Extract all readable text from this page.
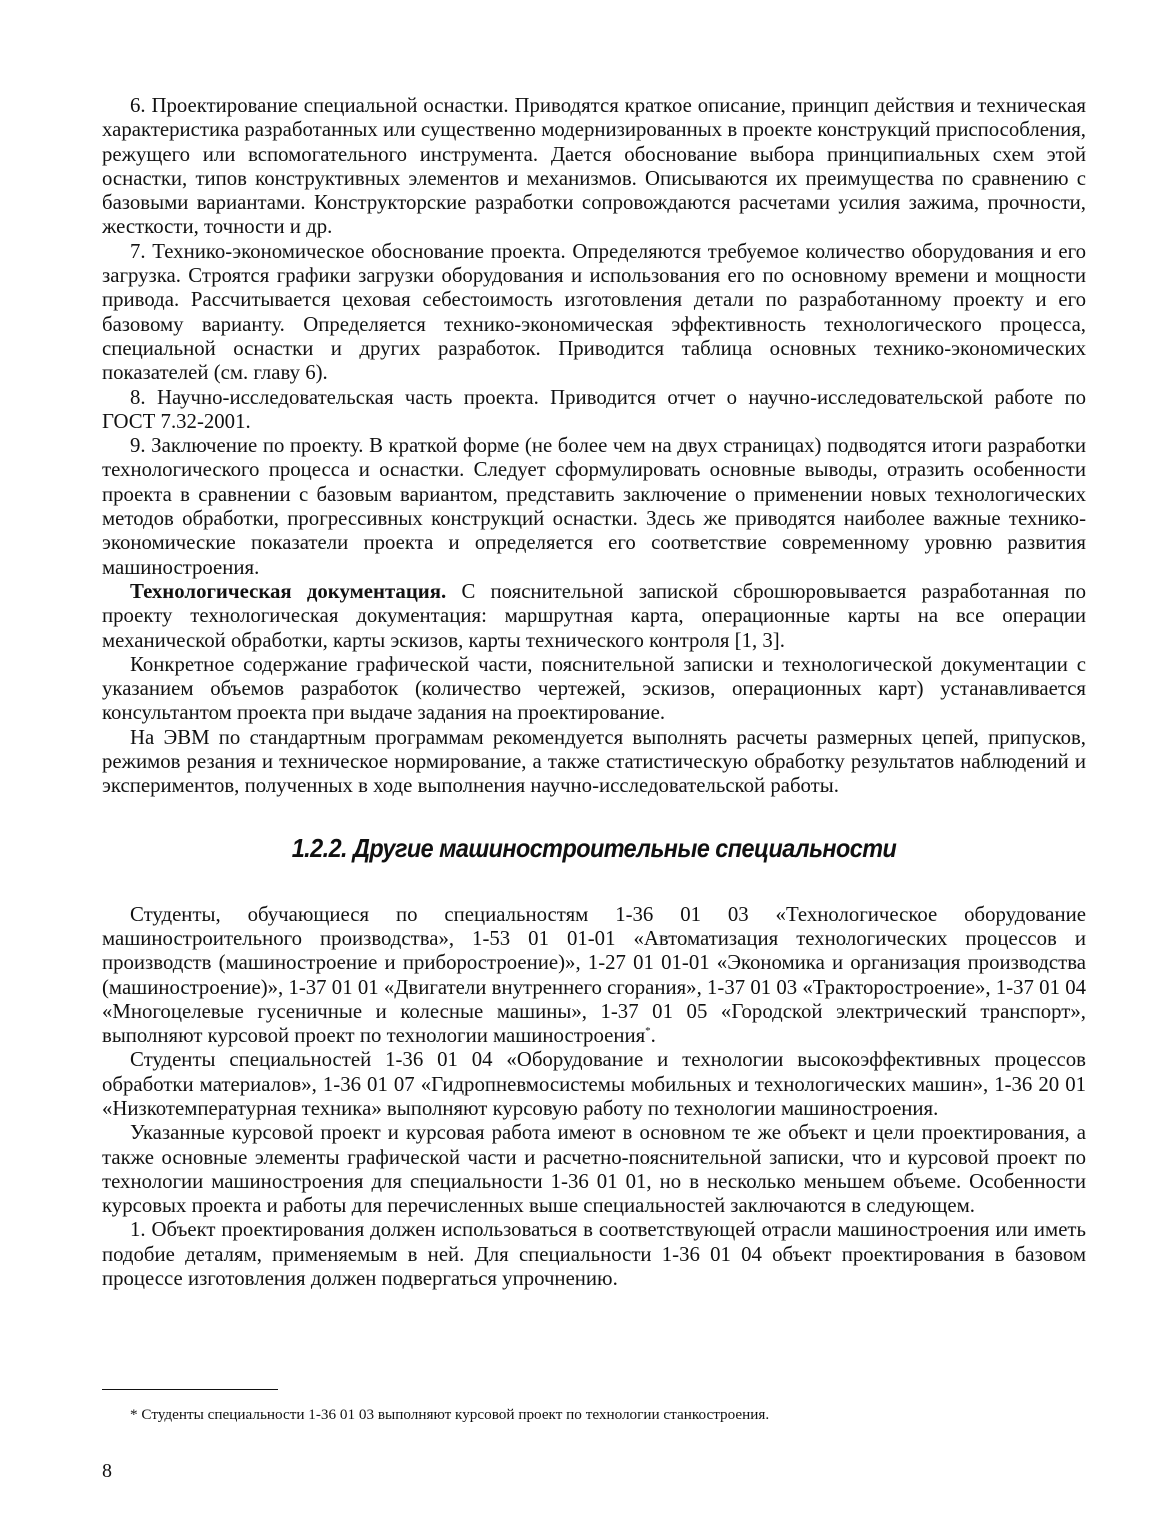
6. Проектирование специальной оснастки. Приводятся краткое описание, принцип действия и техническая характеристика разработанных или существенно модернизированных в проекте конструкций приспособления, режущего или вспомогательного инструмента. Дается обоснование выбора принципиальных схем этой оснастки, типов конструктивных элементов и механизмов. Описываются их преимущества по сравнению с базовыми вариантами. Конструкторские разработки сопровождаются расчетами усилия зажима, прочности, жесткости, точности и др.

7. Технико-экономическое обоснование проекта. Определяются требуемое количество оборудования и его загрузка. Строятся графики загрузки оборудования и использования его по основному времени и мощности привода. Рассчитывается цеховая себестоимость изготовления детали по разработанному проекту и его базовому варианту. Определяется технико-экономическая эффективность технологического процесса, специальной оснастки и других разработок. Приводится таблица основных технико-экономических показателей (см. главу 6).

8. Научно-исследовательская часть проекта. Приводится отчет о научно-исследовательской работе по ГОСТ 7.32-2001.

9. Заключение по проекту. В краткой форме (не более чем на двух страницах) подводятся итоги разработки технологического процесса и оснастки. Следует сформулировать основные выводы, отразить особенности проекта в сравнении с базовым вариантом, представить заключение о применении новых технологических методов обработки, прогрессивных конструкций оснастки. Здесь же приводятся наиболее важные технико-экономические показатели проекта и определяется его соответствие современному уровню развития машиностроения.

Технологическая документация. С пояснительной запиской сброшюровывается разработанная по проекту технологическая документация: маршрутная карта, операционные карты на все операции механической обработки, карты эскизов, карты технического контроля [1, 3].

Конкретное содержание графической части, пояснительной записки и технологической документации с указанием объемов разработок (количество чертежей, эскизов, операционных карт) устанавливается консультантом проекта при выдаче задания на проектирование.

На ЭВМ по стандартным программам рекомендуется выполнять расчеты размерных цепей, припусков, режимов резания и техническое нормирование, а также статистическую обработку результатов наблюдений и экспериментов, полученных в ходе выполнения научно-исследовательской работы.

1.2.2. Другие машиностроительные специальности

Студенты, обучающиеся по специальностям 1-36 01 03 «Технологическое оборудование машиностроительного производства», 1-53 01 01-01 «Автоматизация технологических процессов и производств (машиностроение и приборостроение)», 1-27 01 01-01 «Экономика и организация производства (машиностроение)», 1-37 01 01 «Двигатели внутреннего сгорания», 1-37 01 03 «Тракторостроение», 1-37 01 04 «Многоцелевые гусеничные и колесные машины», 1-37 01 05 «Городской электрический транспорт», выполняют курсовой проект по технологии машиностроения*.

Студенты специальностей 1-36 01 04 «Оборудование и технологии высокоэффективных процессов обработки материалов», 1-36 01 07 «Гидропневмосистемы мобильных и технологических машин», 1-36 20 01 «Низкотемпературная техника» выполняют курсовую работу по технологии машиностроения.

Указанные курсовой проект и курсовая работа имеют в основном те же объект и цели проектирования, а также основные элементы графической части и расчетно-пояснительной записки, что и курсовой проект по технологии машиностроения для специальности 1-36 01 01, но в несколько меньшем объеме. Особенности курсовых проекта и работы для перечисленных выше специальностей заключаются в следующем.

1. Объект проектирования должен использоваться в соответствующей отрасли машиностроения или иметь подобие деталям, применяемым в ней. Для специальности 1-36 01 04 объект проектирования в базовом процессе изготовления должен подвергаться упрочнению.

* Студенты специальности 1-36 01 03 выполняют курсовой проект по технологии станкостроения.

8
